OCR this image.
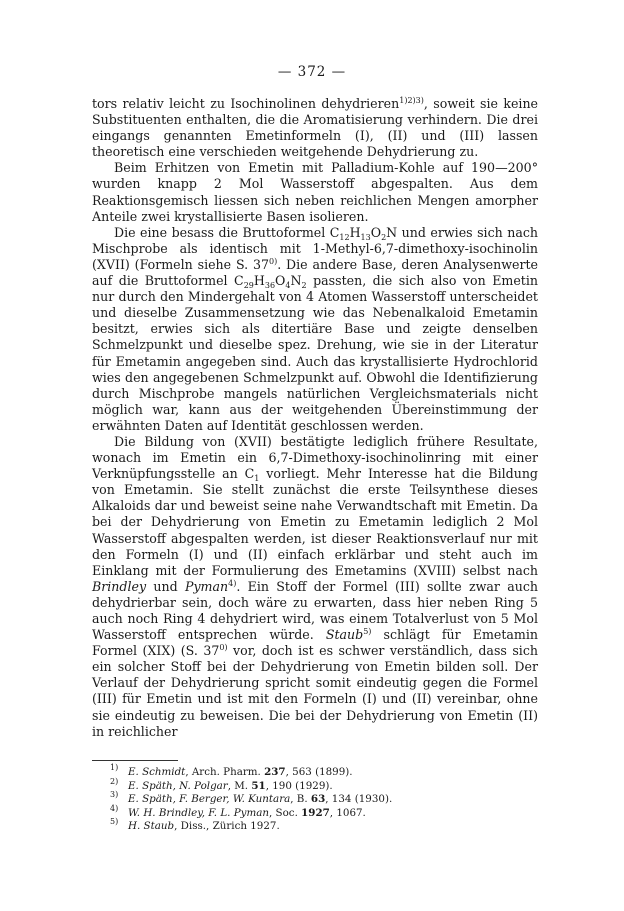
— 372 —

tors relativ leicht zu Isochinolinen dehydrieren$^{1)2)3)}$, soweit sie keine Substituenten enthalten, die die Aromatisierung verhindern. Die drei eingangs genannten Emetinformeln (I), (II) und (III) lassen theoretisch eine verschieden weitgehende Dehydrierung zu.

Beim Erhitzen von Emetin mit Palladium-Kohle auf 190—200° wurden knapp 2 Mol Wasserstoff abgespalten. Aus dem Reaktionsgemisch liessen sich neben reichlichen Mengen amorpher Anteile zwei krystallisierte Basen isolieren.

Die eine besass die Bruttoformel $C_{12}H_{13}O_2N$ und erwies sich nach Mischprobe als identisch mit 1-Methyl-6,7-dimethoxy-isochinolin (XVII) (Formeln siehe S. 37$^{0)}$. Die andere Base, deren Analysenwerte auf die Bruttoformel $C_{29}H_{36}O_4N_2$ passten, die sich also von Emetin nur durch den Mindergehalt von 4 Atomen Wasserstoff unterscheidet und dieselbe Zusammensetzung wie das Nebenalkaloid Emetamin besitzt, erwies sich als ditertiäre Base und zeigte denselben Schmelzpunkt und dieselbe spez. Drehung, wie sie in der Literatur für Emetamin angegeben sind. Auch das krystallisierte Hydrochlorid wies den angegebenen Schmelzpunkt auf. Obwohl die Identifizierung durch Mischprobe mangels natürlichen Vergleichsmaterials nicht möglich war, kann aus der weitgehenden Übereinstimmung der erwähnten Daten auf Identität geschlossen werden.

Die Bildung von (XVII) bestätigte lediglich frühere Resultate, wonach im Emetin ein 6,7-Dimethoxy-isochinolinring mit einer Verknüpfungsstelle an $C_1$ vorliegt. Mehr Interesse hat die Bildung von Emetamin. Sie stellt zunächst die erste Teilsynthese dieses Alkaloids dar und beweist seine nahe Verwandtschaft mit Emetin. Da bei der Dehydrierung von Emetin zu Emetamin lediglich 2 Mol Wasserstoff abgespalten werden, ist dieser Reaktionsverlauf nur mit den Formeln (I) und (II) einfach erklärbar und steht auch im Einklang mit der Formulierung des Emetamins (XVIII) selbst nach Brindley und Pyman$^{4)}$. Ein Stoff der Formel (III) sollte zwar auch dehydrierbar sein, doch wäre zu erwarten, dass hier neben Ring 5 auch noch Ring 4 dehydriert wird, was einem Totalverlust von 5 Mol Wasserstoff entsprechen würde. Staub$^{5)}$ schlägt für Emetamin Formel (XIX) (S. 37$^{0)}$ vor, doch ist es schwer verständlich, dass sich ein solcher Stoff bei der Dehydrierung von Emetin bilden soll. Der Verlauf der Dehydrierung spricht somit eindeutig gegen die Formel (III) für Emetin und ist mit den Formeln (I) und (II) vereinbar, ohne sie eindeutig zu beweisen. Die bei der Dehydrierung von Emetin (II) in reichlicher

$^{1)}$ E. Schmidt, Arch. Pharm. 237, 563 (1899).
$^{2)}$ E. Späth, N. Polgar, M. 51, 190 (1929).
$^{3)}$ E. Späth, F. Berger, W. Kuntara, B. 63, 134 (1930).
$^{4)}$ W. H. Brindley, F. L. Pyman, Soc. 1927, 1067.
$^{5)}$ H. Staub, Diss., Zürich 1927.
